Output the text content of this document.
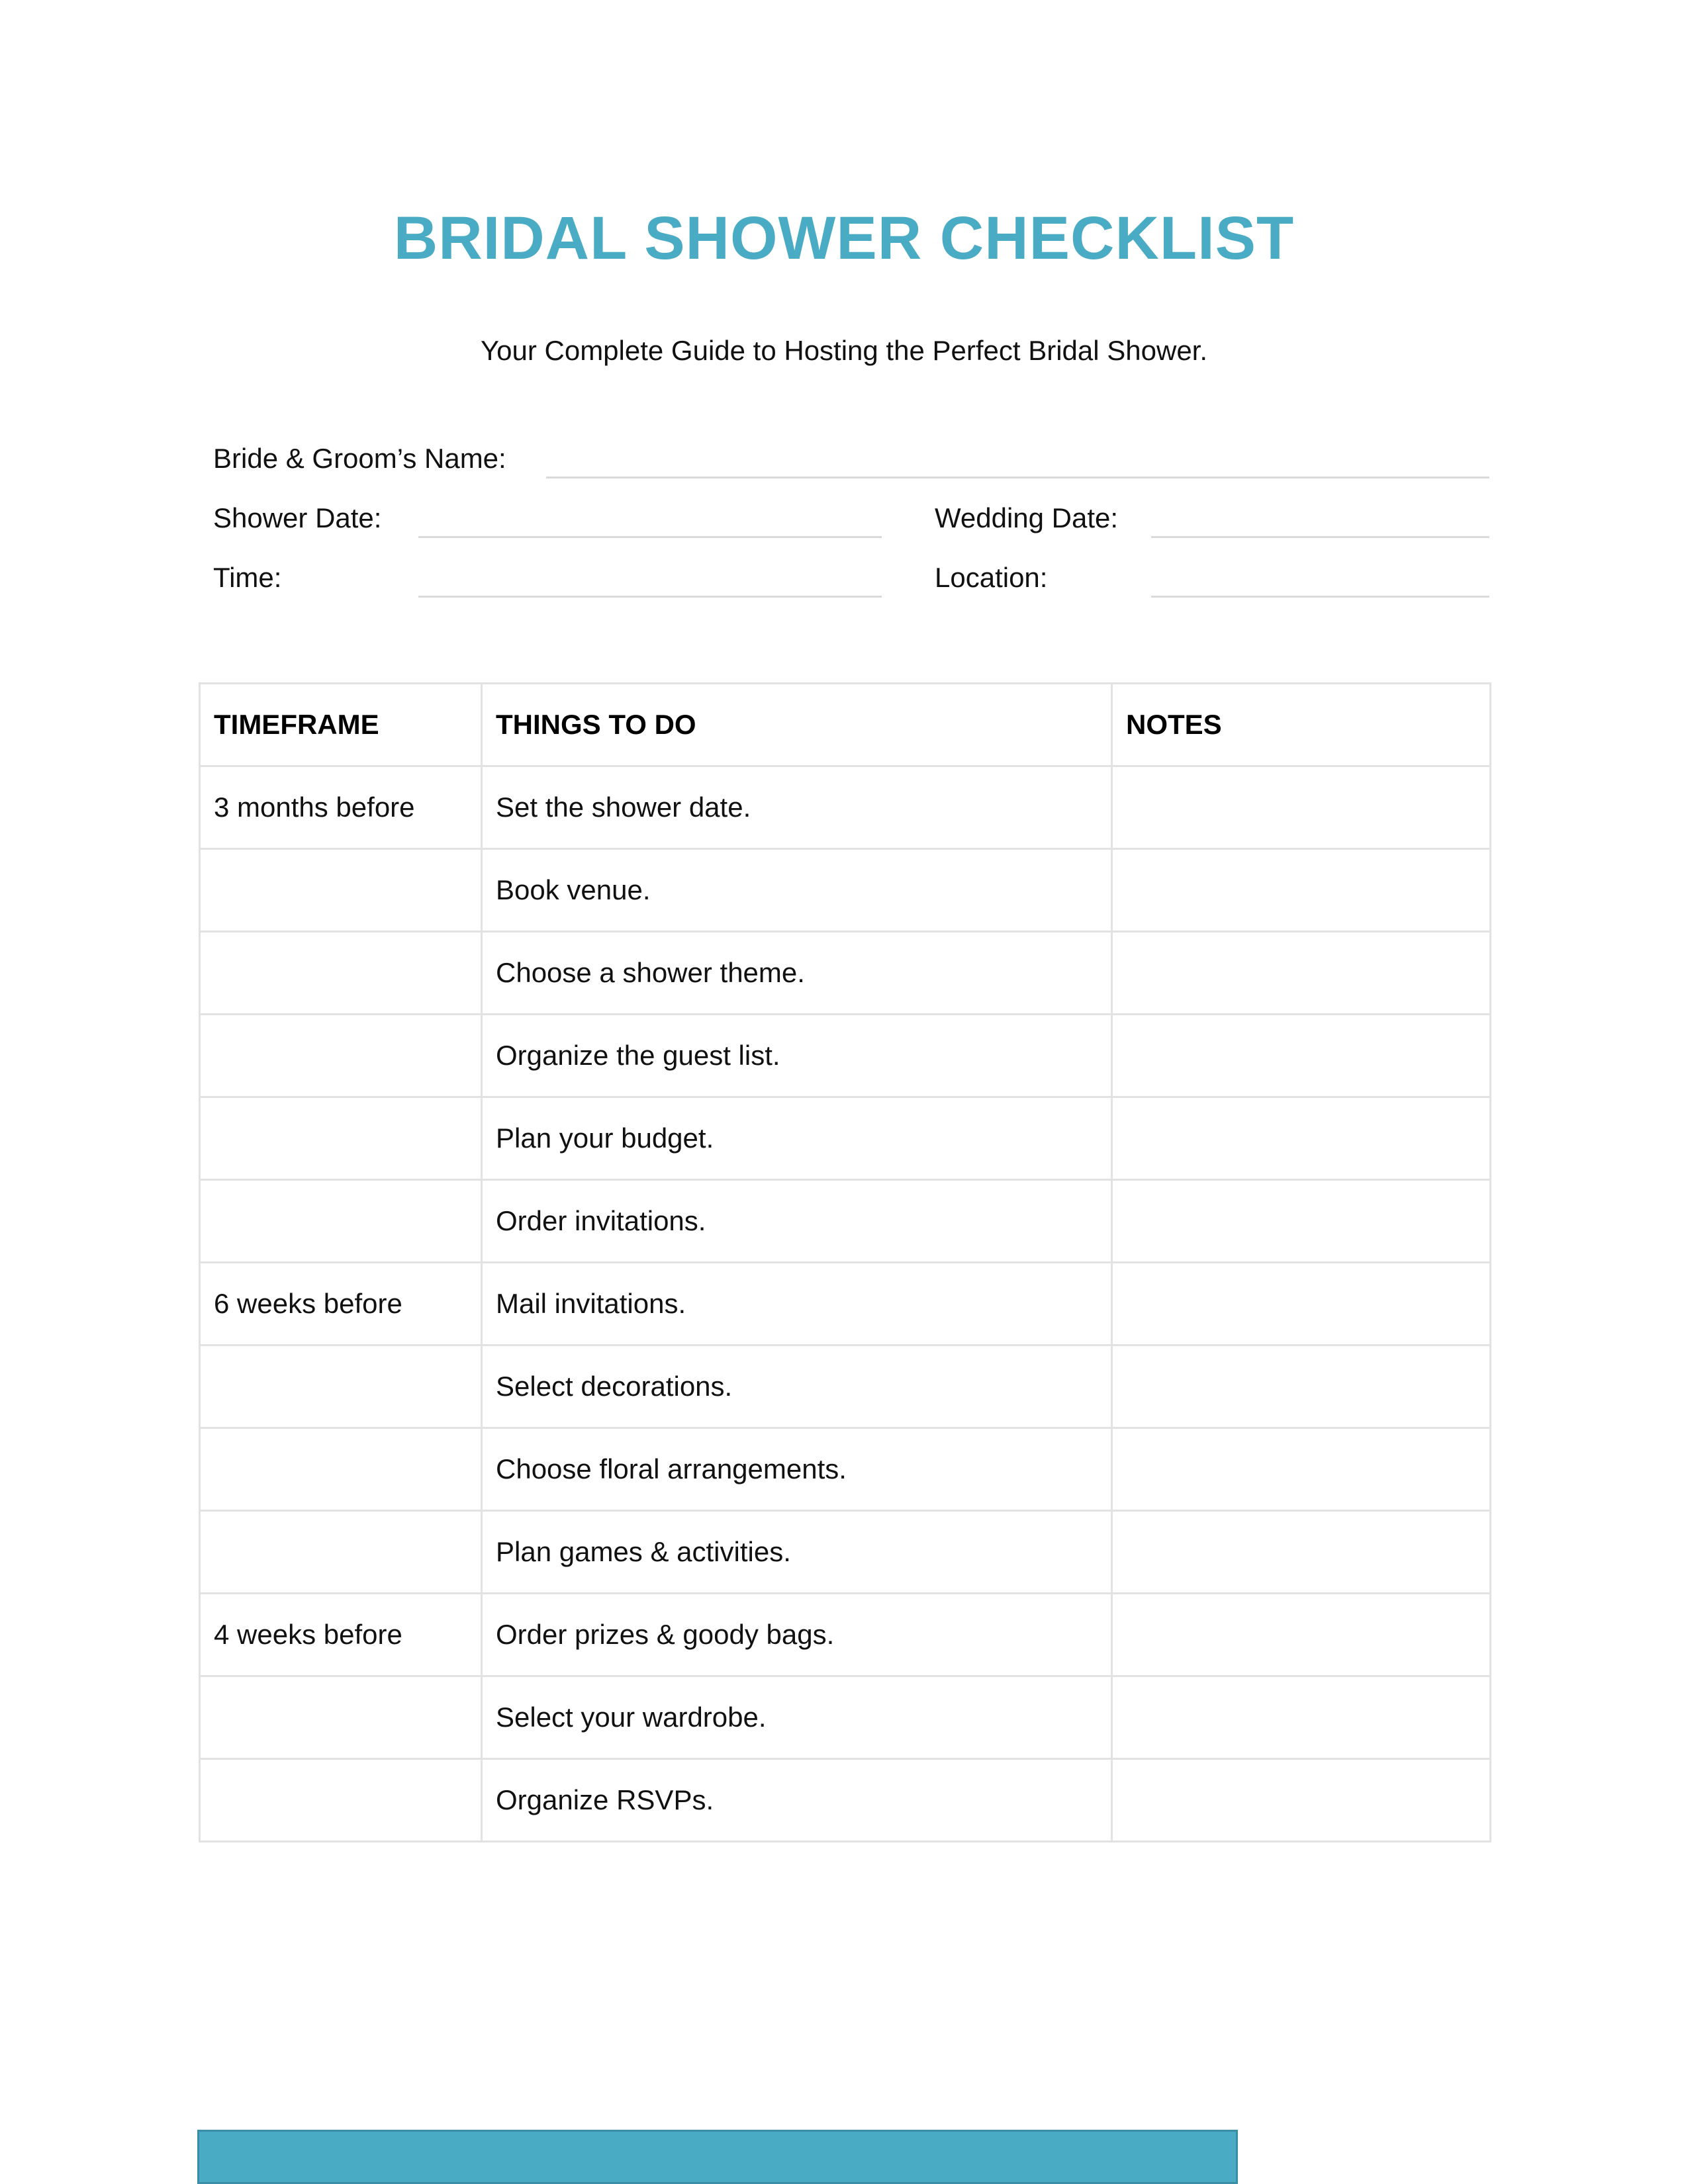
BRIDAL SHOWER CHECKLIST
Your Complete Guide to Hosting the Perfect Bridal Shower.
Bride & Groom’s Name:
Shower Date:	Wedding Date:
Time:	Location:
TIMEFRAME	THINGS TO DO	NOTES
3 months before	Set the shower date.	
	Book venue.	
	Choose a shower theme.	
	Organize the guest list.	
	Plan your budget.	
	Order invitations.	
6 weeks before	Mail invitations.	
	Select decorations.	
	Choose floral arrangements.	
	Plan games & activities.	
4 weeks before	Order prizes & goody bags.	
	Select your wardrobe.	
	Organize RSVPs.	
